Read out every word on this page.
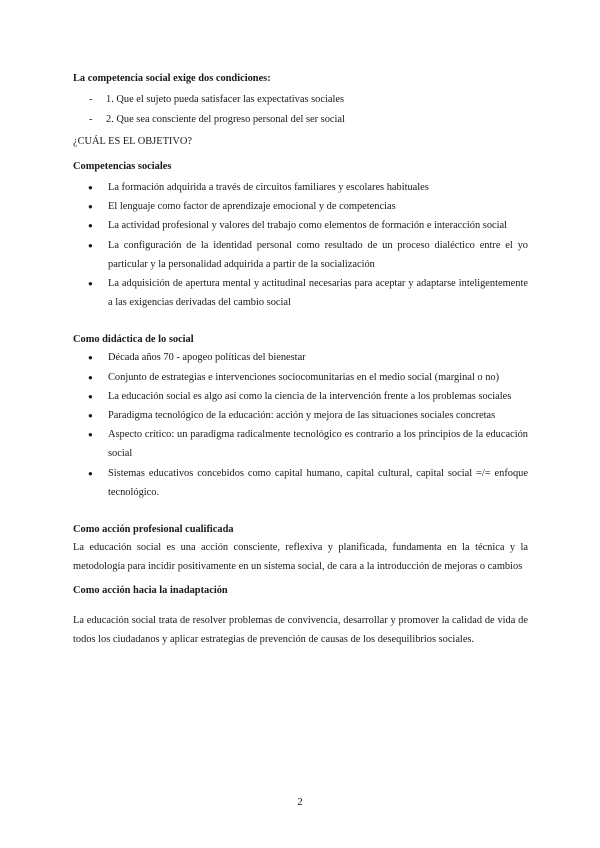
La competencia social exige dos condiciones:

- 1. Que el sujeto pueda satisfacer las expectativas sociales
- 2. Que sea consciente del progreso personal del ser social

¿CUÁL ES EL OBJETIVO?

Competencias sociales

● La formación adquirida a través de circuitos familiares y escolares habituales
● El lenguaje como factor de aprendizaje emocional y de competencias
● La actividad profesional y valores del trabajo como elementos de formación e interacción social
● La configuración de la identidad personal como resultado de un proceso dialéctico entre el yo particular y la personalidad adquirida a partir de la socialización
● La adquisición de apertura mental y actitudinal necesarias para aceptar y adaptarse inteligentemente a las exigencias derivadas del cambio social

Como didáctica de lo social

● Década años 70 - apogeo políticas del bienestar
● Conjunto de estrategias e intervenciones sociocomunitarias en el medio social (marginal o no)
● La educación social es algo así como la ciencia de la intervención frente a los problemas sociales
● Paradigma tecnológico de la educación: acción y mejora de las situaciones sociales concretas
● Aspecto crítico: un paradigma radicalmente tecnológico es contrario a los principios de la educación social
● Sistemas educativos concebidos como capital humano, capital cultural, capital social =/= enfoque tecnológico.

Como acción profesional cualificada

La educación social es una acción consciente, reflexiva y planificada, fundamenta en la técnica y la metodología para incidir positivamente en un sistema social, de cara a la introducción de mejoras o cambios

Como acción hacia la inadaptación

La educación social trata de resolver problemas de convivencia, desarrollar y promover la calidad de vida de todos los ciudadanos y aplicar estrategias de prevención de causas de los desequilibrios sociales.

2
